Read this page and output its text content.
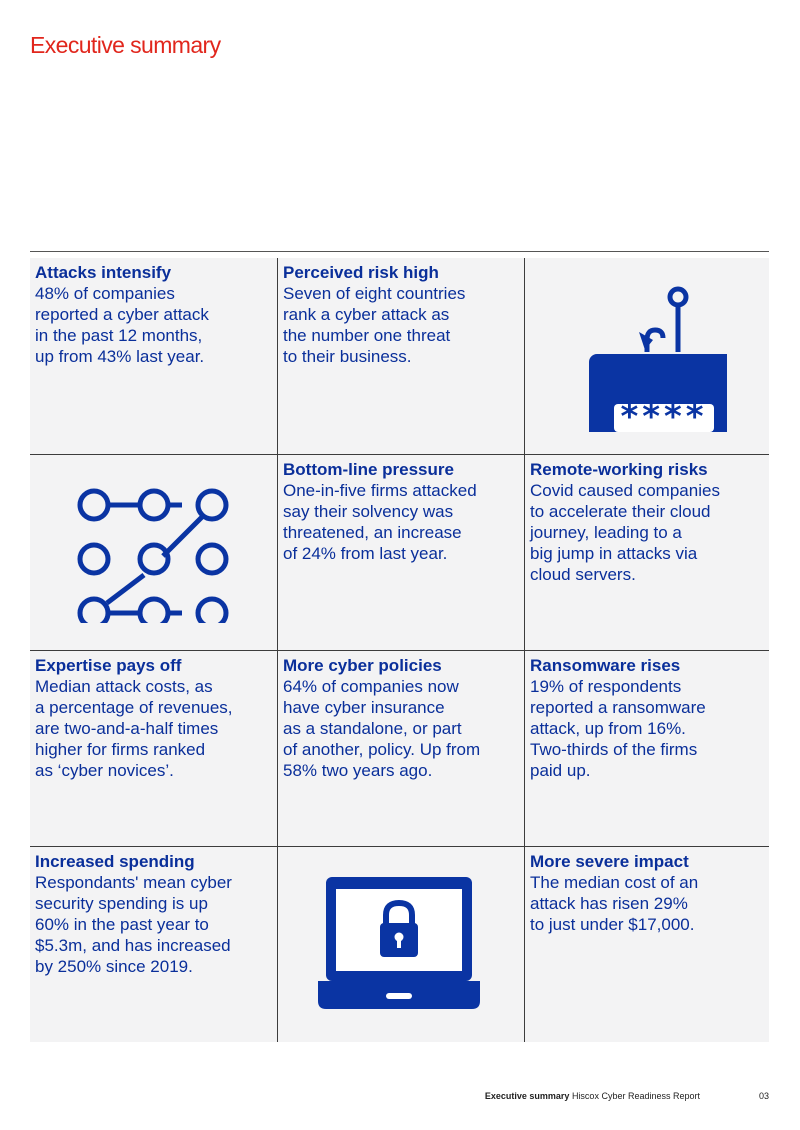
Executive summary
Attacks intensify

48% of companies
reported a cyber attack
in the past 12 months,
up from 43% last year.

Perceived risk high

Seven of eight countries
rank a cyber attack as
the number one threat
to their business.

****
Bottom-line pressure

One-in-five firms attacked
say their solvency was
threatened, an increase
of 24% from last year.

Remote-working risks

Covid caused companies
to accelerate their cloud
journey, leading to a
big jump in attacks via
cloud servers.

Expertise pays off

Median attack costs, as
a percentage of revenues,
are two-and-a-half times
higher for firms ranked
as ‘cyber novices’.

More cyber policies

64% of companies now
have cyber insurance
as a standalone, or part
of another, policy. Up from
58% two years ago.

Ransomware rises

19% of respondents
reported a ransomware
attack, up from 16%.
Two-thirds of the firms
paid up.

Increased spending

Respondants' mean cyber
security spending is up
60% in the past year to
$5.3m, and has increased
by 250% since 2019.

More severe impact

The median cost of an
attack has risen 29%
to just under $17,000.

Executive summary Hiscox Cyber Readiness Report	03
